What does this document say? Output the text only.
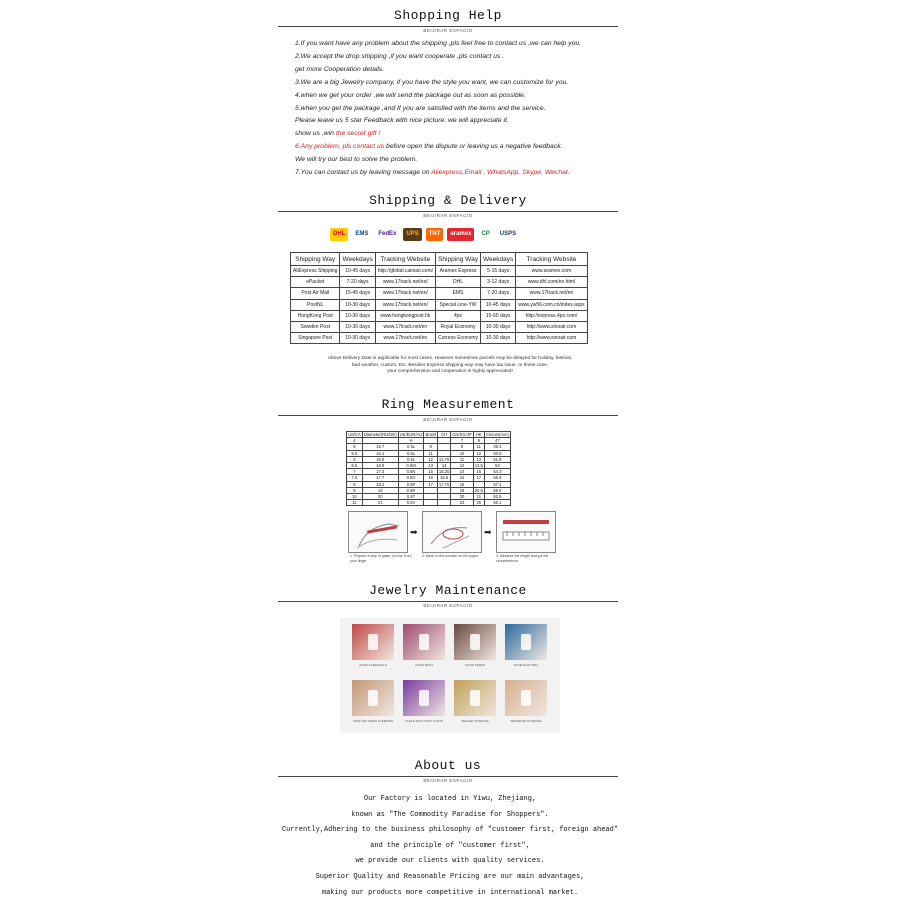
Shopping Help
BEIJIRAR ESPACIO
1.If you want have any problem about the shipping ,pls feel free to contact us ,we can help you.
2.We accept the drop shipping ,if you want cooperate ,pls contact us .
get more Cooperation details.
3.We are a big Jewelry company, if you have the style you want, we can customize for you.
4.when we get your order ,we will send the package out as soon as possible.
5.when you get the package ,and If you are satisfied with the items and the service.
Please leave us 5 star Feedback with nice picture. we will appreciate it.
show us ,win the secret gift !
6.Any problem, pls contact us before open the dispute or leaving us a negative feedback.
We will try our best to solve the problem.
7.You can contact us by leaving message on Aliexpress,Email , WhatsApp, Skype, Wechat.
Shipping & Delivery
BEIJIRAR ESPACIO
DHL	EMS	FedEx	UPS	TNT	aramex	CP	USPS
Shipping Way	Weekdays	Tracking Website	Shipping Way	Weekdays	Tracking Website
AliExpress Shipping	10-45 days	http://global.cainiao.com/	Aramex Express	5-15 days	www.aramex.com
ePacket	7-20 days	www.17track.net/en/	DHL	3-12 days	www.dhl.com/en.html
Post Air Mail	15-45 days	www.17track.net/en/	EMS	7-20 days	www.17track.net/en
PostNL	10-30 days	www.17track.net/en/	Special Line-YW	10-45 days	www.yw56.com.cn/index.aspx
HongKong Post	10-30 days	www.hongkongpost.hk	4px	15-60 days	http://express.4px.com/
Sweden Post	10-30 days	www.17track.net/en	Royal Economy	10-30 days	http://www.sinoair.com
Singapore Post	10-30 days	www.17track.net/en	Correos Economy	10-30 days	http://www.sinoair.com
Above Delivery Date is applicable for most cases. However sometimes parcels may be delayed for holiday, festival,
bad weather, custom, Etc. Besides Express shipping way may have tax issue. In those case,
your comprehension and cooperation is highly appreciated!
Ring Measurement
BEIJIRAR ESPACIO
US/CA	Diameter(RU/DE)	UK/EUR/AU	Brazil	CH	CN/SG/JP	HK	Circum(mm)
4		H			7	9	47
5	15.7	0.5L	9		9	11	49.3
5.5	16.1	0.5L	11		10	12	50.5
6	16.5	0.5L	12	12.75	11	13	51.8
6.5	16.9	0.5M	13	14	12	14.5	53
7	17.3	0.5N	15	15.25	14	16	54.3
7.5	17.7	0.5O	16	16.5	15	17	55.6
8	18.2	0.5P	17	17.75	16		57.1
9	19	0.5R			18	20.5	59.6
10	20	0.5T			20	21	62.5
11	21	0.5V			23	25	65.1
➡	➡
1. Prepare a strip of paper (not for 6 on) your finger
2. Mark on the junction on the paper	3. Measure the length that got the circumference
Jewelry Maintenance
BEIJIRAR ESPACIO
AVOID CHEMICALS	AVOID BATH	AVOID SWEAT	AVOID ELECTRIC
TAKE OFF WHEN SLEEPING	CLEAN WITH SOFT CLOTH	SEALED STORAGE	SEPARATE STORAGE
About us
BEIJIRAR ESPACIO
Our Factory is located in Yiwu, Zhejiang,
known as "The Commodity Paradise for Shoppers".
Currently,Adhering to the business philosophy of "customer first, foreign ahead"
and the principle of "customer first",
we provide our clients with quality services.
Superior Quality and Reasonable Pricing are our main advantages,
making our products more competitive in international market.
